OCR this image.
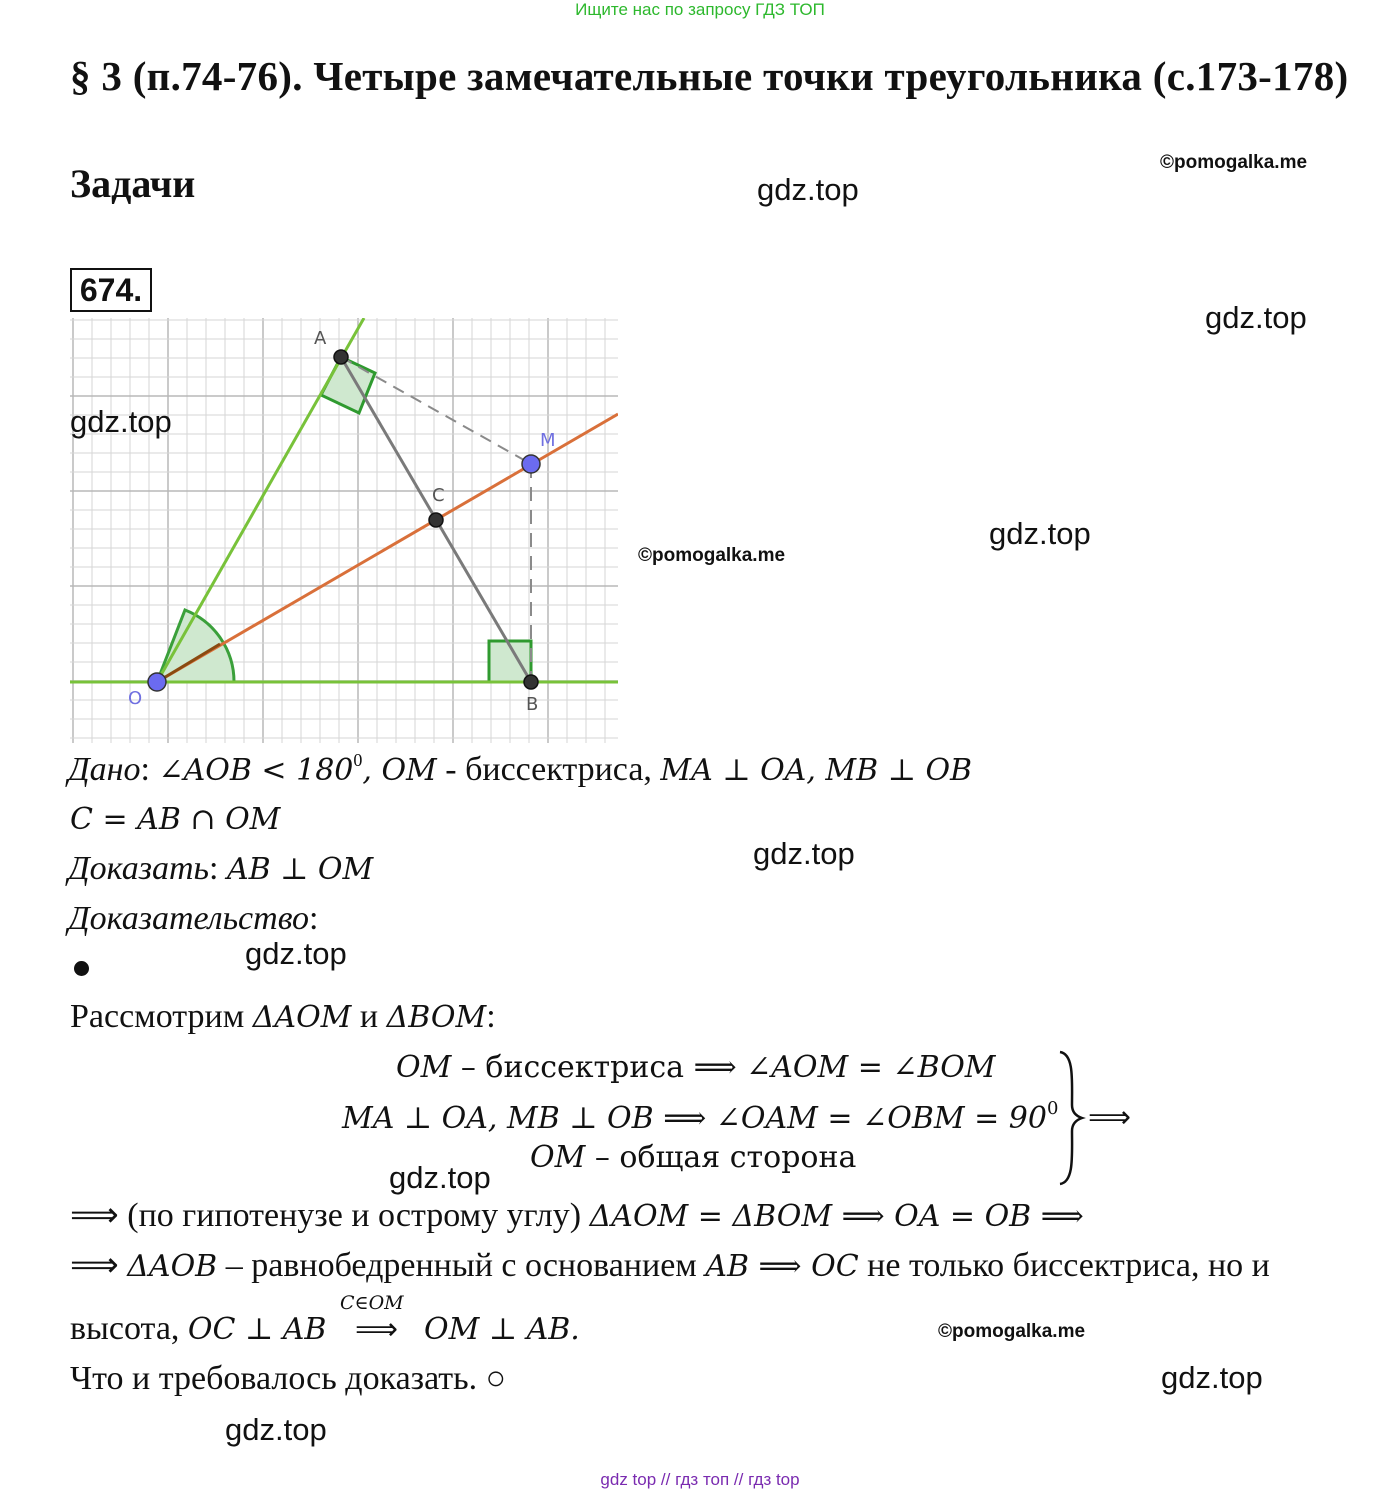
Ищите нас по запросу ГДЗ ТОП
§ 3 (п.74-76). Четыре замечательные точки треугольника (с.173-178)
Задачи
674.
©pomogalka.me
gdz.top
gdz.top
gdz.top
©pomogalka.me
A
M
C
O	B
gdz.top
Дано: ∠AOB < $180^0$, OM - биссектриса, MA ⊥ OA, MB ⊥ OB
C = AB ∩ OM
Доказать: AB ⊥ OM	gdz.top
Доказательство:
gdz.top
Рассмотрим ΔAOM и ΔBOM:
OM – биссектриса ⟹ ∠AOM = ∠BOM
MA ⊥ OA, MB ⊥ OB ⟹ ∠OAM = ∠OBM = $90^0$
OM – общая сторона
⟹
gdz.top
⟹ (по гипотенузе и острому углу) ΔAOM = ΔBOM ⟹ OA = OB ⟹
⟹ ΔAOB – равнобедренный с основанием AB ⟹ OC не только биссектриса, но и
высота, OC ⊥ AB
C∈OM
⟹ OM ⊥ AB.	©pomogalka.me
Что и требовалось доказать. ○	gdz.top
gdz.top
gdz top // гдз топ // гдз top
